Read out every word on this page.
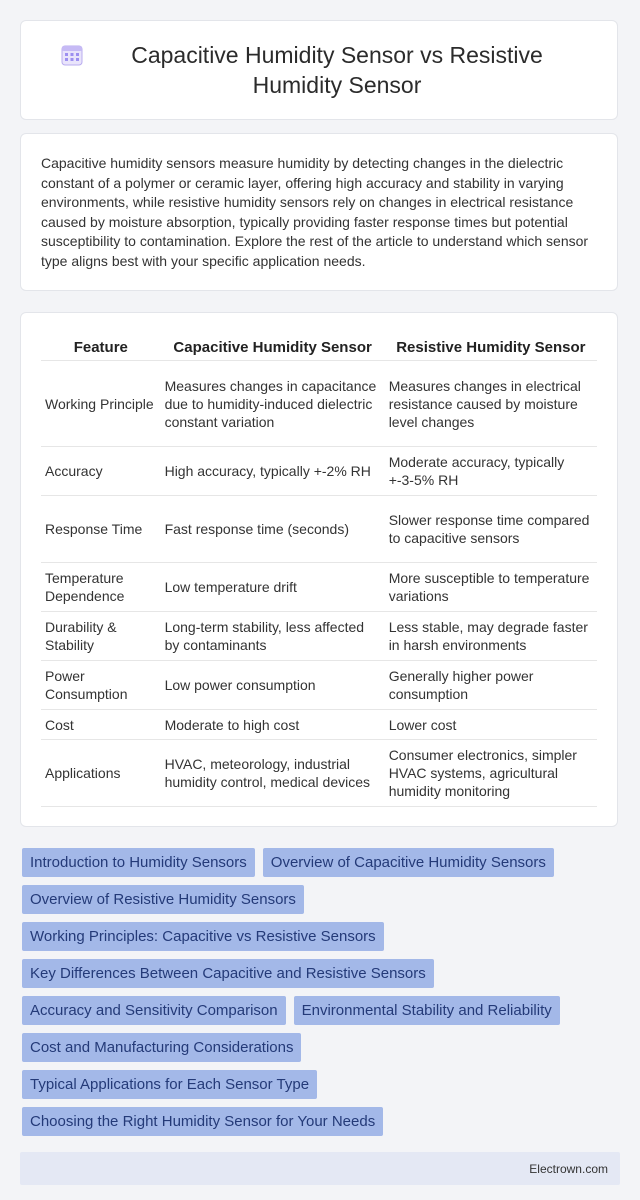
Capacitive Humidity Sensor vs Resistive Humidity Sensor

Capacitive humidity sensors measure humidity by detecting changes in the dielectric constant of a polymer or ceramic layer, offering high accuracy and stability in varying environments, while resistive humidity sensors rely on changes in electrical resistance caused by moisture absorption, typically providing faster response times but potential susceptibility to contamination. Explore the rest of the article to understand which sensor type aligns best with your specific application needs.

Feature	Capacitive Humidity Sensor	Resistive Humidity Sensor
Working Principle	Measures changes in capacitance due to humidity-induced dielectric constant variation	Measures changes in electrical resistance caused by moisture level changes
Accuracy	High accuracy, typically +-2% RH	Moderate accuracy, typically +-3-5% RH
Response Time	Fast response time (seconds)	Slower response time compared to capacitive sensors
Temperature Dependence	Low temperature drift	More susceptible to temperature variations
Durability & Stability	Long-term stability, less affected by contaminants	Less stable, may degrade faster in harsh environments
Power Consumption	Low power consumption	Generally higher power consumption
Cost	Moderate to high cost	Lower cost
Applications	HVAC, meteorology, industrial humidity control, medical devices	Consumer electronics, simpler HVAC systems, agricultural humidity monitoring
Introduction to Humidity Sensors	Overview of Capacitive Humidity Sensors
Overview of Resistive Humidity Sensors
Working Principles: Capacitive vs Resistive Sensors
Key Differences Between Capacitive and Resistive Sensors
Accuracy and Sensitivity Comparison	Environmental Stability and Reliability
Cost and Manufacturing Considerations
Typical Applications for Each Sensor Type
Choosing the Right Humidity Sensor for Your Needs
Electrown.com
